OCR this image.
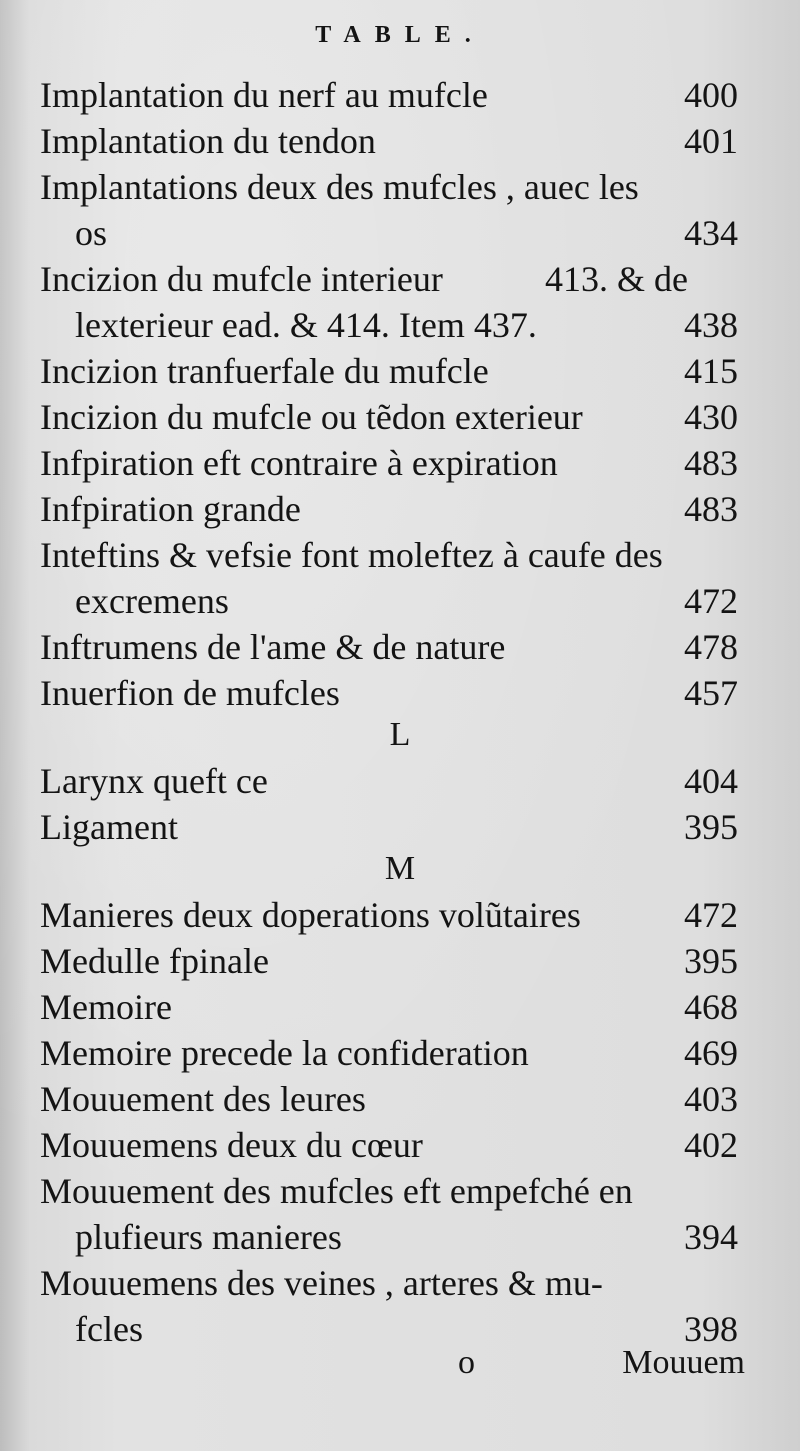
TABLE.
Implantation du nerf au mufcle	400
Implantation du tendon	401
Implantations deux des mufcles , auec les
os	434
Incizion du mufcle interieur	413. & de
lexterieur ead. & 414. Item 437.	438
Incizion tranfuerfale du mufcle	415
Incizion du mufcle ou tẽdon exterieur	430
Infpiration eft contraire à expiration	483
Infpiration grande	483
Inteftins & vefsie font moleftez à caufe des
excremens	472
Inftrumens de l'ame & de nature	478
Inuerfion de mufcles	457
L
Larynx queft ce	404
Ligament	395
M
Manieres deux doperations volũtaires	472
Medulle fpinale	395
Memoire	468
Memoire precede la confideration	469
Mouuement des leures	403
Mouuemens deux du cœur	402
Mouuement des mufcles eft empefché en
plufieurs manieres	394
Mouuemens des veines , arteres & mu-
fcles	398
o	Mouuem
